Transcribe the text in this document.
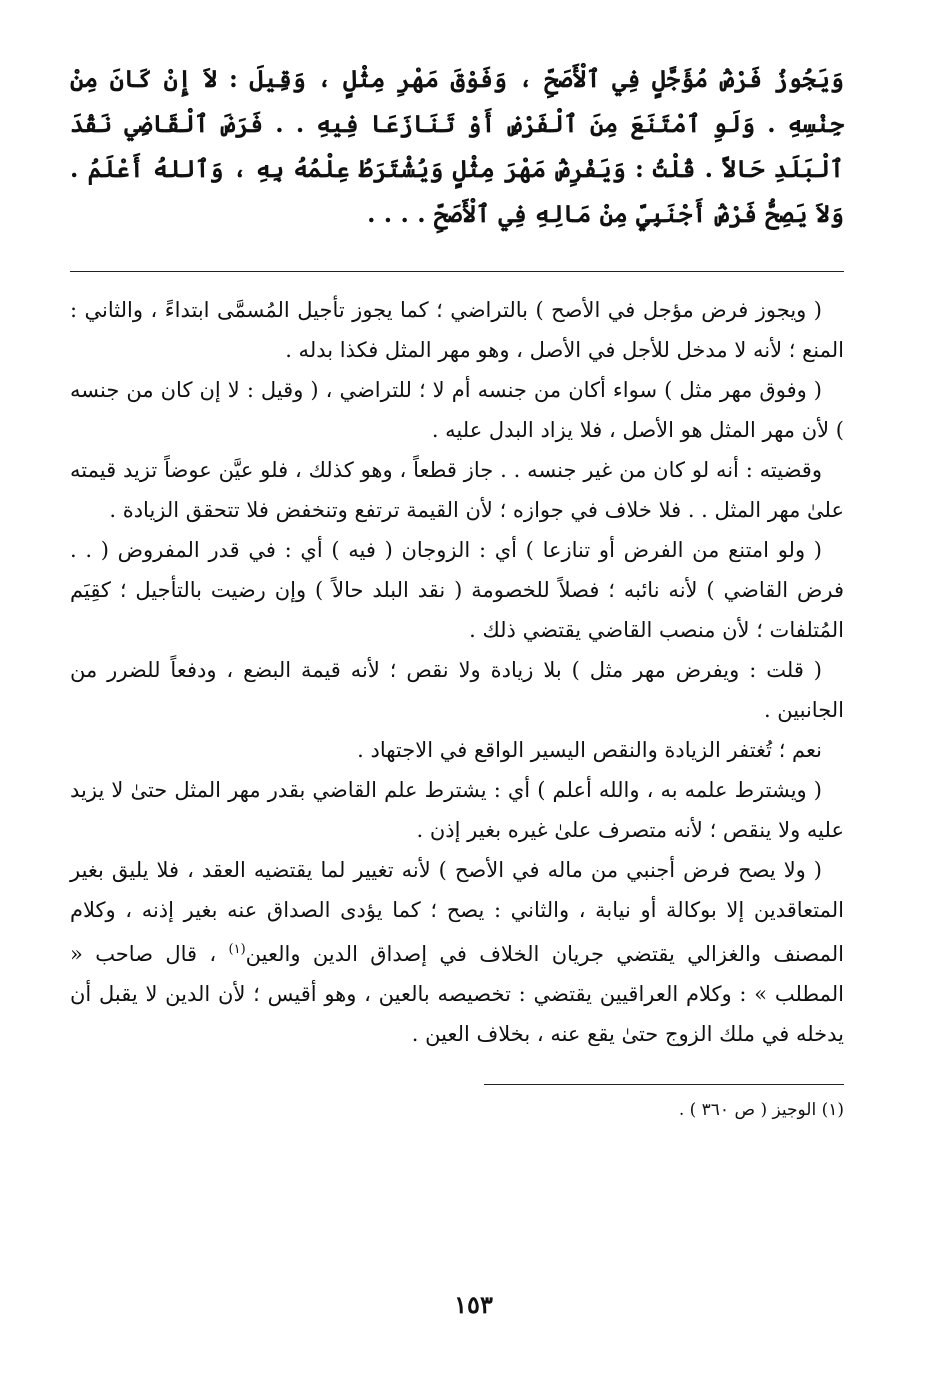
وَيَجُوزُ فَرْضُ مُؤَجَّلٍ فِي ٱلْأَصَحِّ ، وَفَوْقَ مَهْرِ مِثْلٍ ، وَقِيلَ : لاَ إِنْ كَانَ مِنْ جِنْسِهِ . وَلَوِ ٱمْتَنَعَ مِنَ ٱلْفَرْضِ أَوْ تَنَازَعَا فِيهِ . . فَرَضَ ٱلْقَاضِي نَقْدَ ٱلْبَلَدِ حَالاً . قُلْتُ : وَيَفْرِضُ مَهْرَ مِثْلٍ وَيُشْتَرَطُ عِلْمُهُ بِهِ ، وَٱللهُ أَعْلَمُ . وَلاَ يَصِحُّ فَرْضُ أَجْنَبِيٍّ مِنْ مَالِهِ فِي ٱلْأَصَحِّ . . . .

( ويجوز فرض مؤجل في الأصح ) بالتراضي ؛ كما يجوز تأجيل المُسمَّى ابتداءً ، والثاني : المنع ؛ لأنه لا مدخل للأجل في الأصل ، وهو مهر المثل فكذا بدله .

( وفوق مهر مثل ) سواء أكان من جنسه أم لا ؛ للتراضي ، ( وقيل : لا إن كان من جنسه ) لأن مهر المثل هو الأصل ، فلا يزاد البدل عليه .

وقضيته : أنه لو كان من غير جنسه . . جاز قطعاً ، وهو كذلك ، فلو عيَّن عوضاً تزيد قيمته علىٰ مهر المثل . . فلا خلاف في جوازه ؛ لأن القيمة ترتفع وتنخفض فلا تتحقق الزيادة .

( ولو امتنع من الفرض أو تنازعا ) أي : الزوجان ( فيه ) أي : في قدر المفروض ( . . فرض القاضي ) لأنه نائبه ؛ فصلاً للخصومة ( نقد البلد حالاً ) وإن رضيت بالتأجيل ؛ كقِيَم المُتلفات ؛ لأن منصب القاضي يقتضي ذلك .

( قلت : ويفرض مهر مثل ) بلا زيادة ولا نقص ؛ لأنه قيمة البضع ، ودفعاً للضرر من الجانبين .

نعم ؛ تُغتفر الزيادة والنقص اليسير الواقع في الاجتهاد .

( ويشترط علمه به ، والله أعلم ) أي : يشترط علم القاضي بقدر مهر المثل حتىٰ لا يزيد عليه ولا ينقص ؛ لأنه متصرف علىٰ غيره بغير إذن .

( ولا يصح فرض أجنبي من ماله في الأصح ) لأنه تغيير لما يقتضيه العقد ، فلا يليق بغير المتعاقدين إلا بوكالة أو نيابة ، والثاني : يصح ؛ كما يؤدى الصداق عنه بغير إذنه ، وكلام المصنف والغزالي يقتضي جريان الخلاف في إصداق الدين والعين$^{(١)}$ ، قال صاحب « المطلب » : وكلام العراقيين يقتضي : تخصيصه بالعين ، وهو أقيس ؛ لأن الدين لا يقبل أن يدخله في ملك الزوج حتىٰ يقع عنه ، بخلاف العين .

(١) الوجيز ( ص ٣٦٠ ) .

١٥٣
